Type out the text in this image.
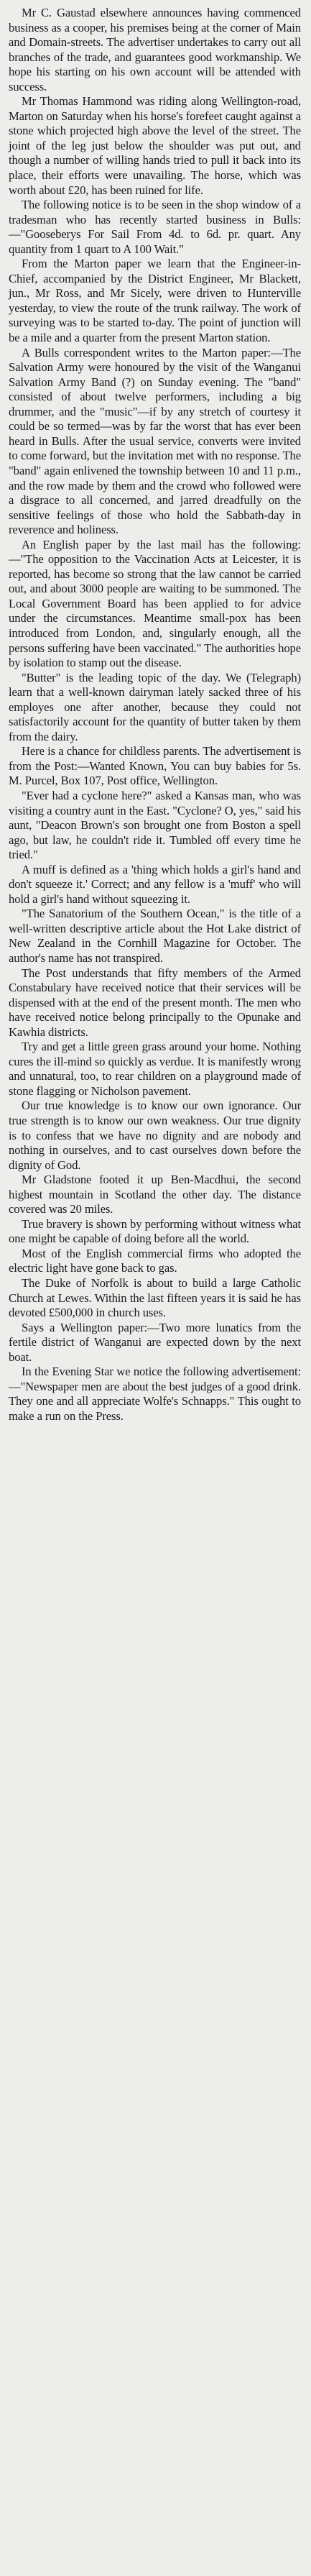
Mr C. Gaustad elsewhere announces having commenced business as a cooper, his premises being at the corner of Main and Domain-streets. The advertiser undertakes to carry out all branches of the trade, and guarantees good workmanship. We hope his starting on his own account will be attended with success.

Mr Thomas Hammond was riding along Wellington-road, Marton on Saturday when his horse's forefeet caught against a stone which projected high above the level of the street. The joint of the leg just below the shoulder was put out, and though a number of willing hands tried to pull it back into its place, their efforts were unavailing. The horse, which was worth about £20, has been ruined for life.

The following notice is to be seen in the shop window of a tradesman who has recently started business in Bulls: —"Gooseberys For Sail From 4d. to 6d. pr. quart. Any quantity from 1 quart to A 100 Wait."

From the Marton paper we learn that the Engineer-in-Chief, accompanied by the District Engineer, Mr Blackett, jun., Mr Ross, and Mr Sicely, were driven to Hunterville yesterday, to view the route of the trunk railway. The work of surveying was to be started to-day. The point of junction will be a mile and a quarter from the present Marton station.

A Bulls correspondent writes to the Marton paper:—The Salvation Army were honoured by the visit of the Wanganui Salvation Army Band (?) on Sunday evening. The "band" consisted of about twelve performers, including a big drummer, and the "music"—if by any stretch of courtesy it could be so termed—was by far the worst that has ever been heard in Bulls. After the usual service, converts were invited to come forward, but the invitation met with no response. The "band" again enlivened the township between 10 and 11 p.m., and the row made by them and the crowd who followed were a disgrace to all concerned, and jarred dreadfully on the sensitive feelings of those who hold the Sabbath-day in reverence and holiness.

An English paper by the last mail has the following:—"The opposition to the Vaccination Acts at Leicester, it is reported, has become so strong that the law cannot be carried out, and about 3000 people are waiting to be summoned. The Local Government Board has been applied to for advice under the circumstances. Meantime small-pox has been introduced from London, and, singularly enough, all the persons suffering have been vaccinated." The authorities hope by isolation to stamp out the disease.

"Butter" is the leading topic of the day. We (Telegraph) learn that a well-known dairyman lately sacked three of his employes one after another, because they could not satisfactorily account for the quantity of butter taken by them from the dairy.

Here is a chance for childless parents. The advertisement is from the Post:—Wanted Known, You can buy babies for 5s. M. Purcel, Box 107, Post office, Wellington.

"Ever had a cyclone here?" asked a Kansas man, who was visiting a country aunt in the East. "Cyclone? O, yes," said his aunt, "Deacon Brown's son brought one from Boston a spell ago, but law, he couldn't ride it. Tumbled off every time he tried."

A muff is defined as a 'thing which holds a girl's hand and don't squeeze it.' Correct; and any fellow is a 'muff' who will hold a girl's hand without squeezing it.

"The Sanatorium of the Southern Ocean," is the title of a well-written descriptive article about the Hot Lake district of New Zealand in the Cornhill Magazine for October. The author's name has not transpired.

The Post understands that fifty members of the Armed Constabulary have received notice that their services will be dispensed with at the end of the present month. The men who have received notice belong principally to the Opunake and Kawhia districts.

Try and get a little green grass around your home. Nothing cures the ill-mind so quickly as verdue. It is manifestly wrong and unnatural, too, to rear children on a playground made of stone flagging or Nicholson pavement.

Our true knowledge is to know our own ignorance. Our true strength is to know our own weakness. Our true dignity is to confess that we have no dignity and are nobody and nothing in ourselves, and to cast ourselves down before the dignity of God.

Mr Gladstone footed it up Ben-Macdhui, the second highest mountain in Scotland the other day. The distance covered was 20 miles.

True bravery is shown by performing without witness what one might be capable of doing before all the world.

Most of the English commercial firms who adopted the electric light have gone back to gas.

The Duke of Norfolk is about to build a large Catholic Church at Lewes. Within the last fifteen years it is said he has devoted £500,000 in church uses.

Says a Wellington paper:—Two more lunatics from the fertile district of Wanganui are expected down by the next boat.

In the Evening Star we notice the following advertisement:—"Newspaper men are about the best judges of a good drink. They one and all appreciate Wolfe's Schnapps." This ought to make a run on the Press.
